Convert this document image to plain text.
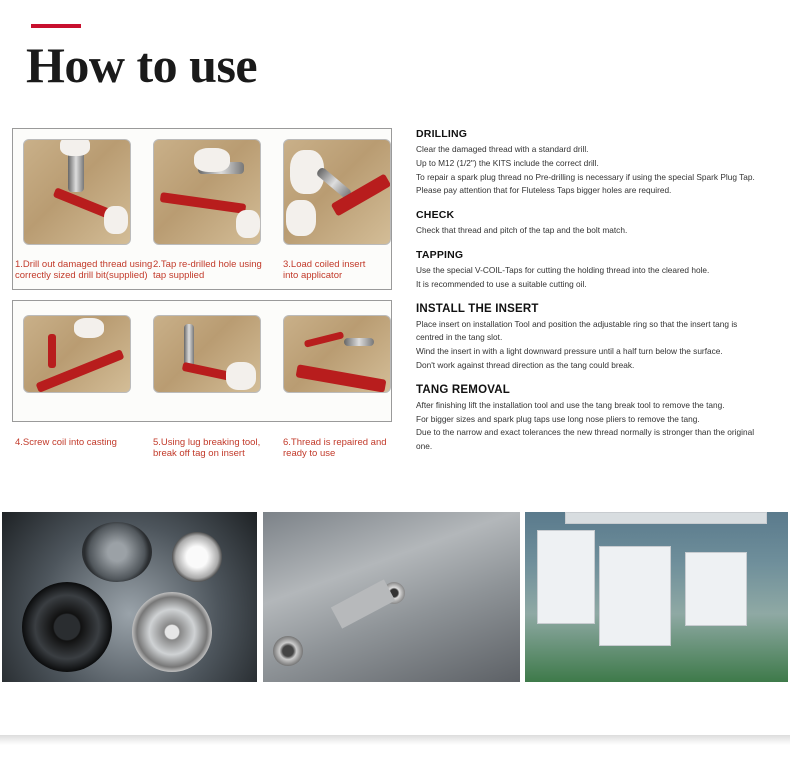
How to use
1.Drill out damaged thread using
correctly sized drill bit(supplied)
2.Tap re-drilled hole using
tap supplied
3.Load coiled insert
into applicator
4.Screw coil into casting	5.Using lug breaking tool,
break off tag on insert
6.Thread is repaired and
ready to use

DRILLING

Clear the damaged thread with a standard drill.

Up to M12 (1/2") the KITS include the correct drill.

To repair a spark plug thread no Pre-drilling is necessary if using the special Spark Plug Tap.

Please pay attention that for Fluteless Taps bigger holes are required.

CHECK

Check that thread and pitch of the tap and the bolt match.

TAPPING

Use the special V-COIL-Taps for cutting the holding thread into the cleared hole.

It is recommended to use a suitable cutting oil.

INSTALL THE INSERT

Place insert on installation Tool and position the adjustable ring so that the insert tang is

centred in the tang slot.

Wind the insert in with a light downward pressure until a half turn below the surface.

Don't work against thread direction as the tang could break.

TANG REMOVAL

After finishing lift the installation tool and use the tang break tool to remove the tang.

For bigger sizes and spark plug taps use long nose pliers to remove the tang.

Due to the narrow and exact tolerances the new thread normally is stronger than the original

one.
